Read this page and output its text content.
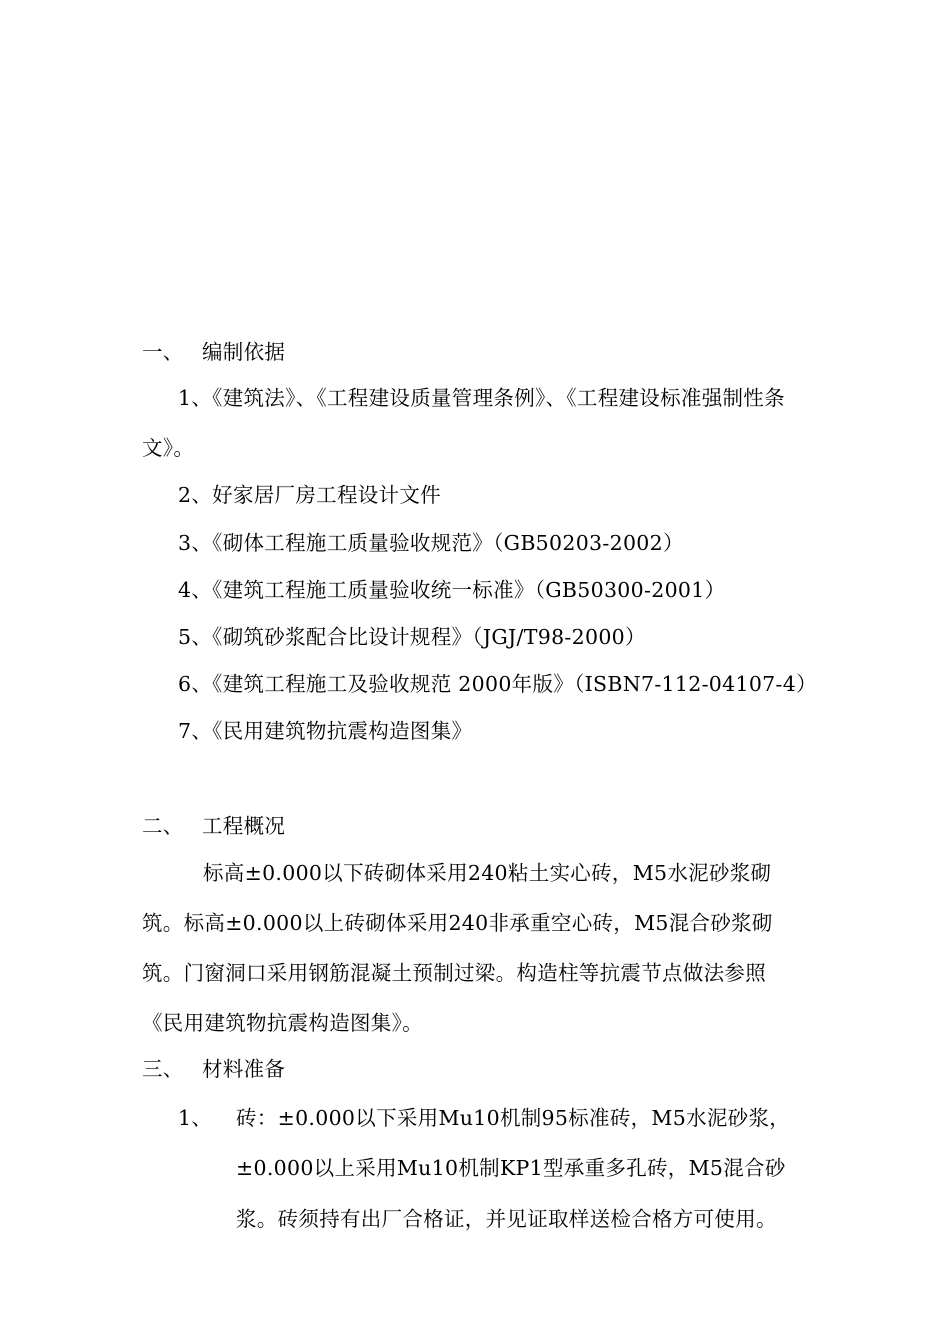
一、 编制依据

1、《建筑法》、《工程建设质量管理条例》、《工程建设标准强制性条

文》。

2、好家居厂房工程设计文件

3、《砌体工程施工质量验收规范》（GB50203-2002）

4、《建筑工程施工质量验收统一标准》（GB50300-2001）

5、《砌筑砂浆配合比设计规程》（JGJ/T98-2000）

6、《建筑工程施工及验收规范 2000年版》（ISBN7-112-04107-4）

7、《民用建筑物抗震构造图集》

二、 工程概况

标高±0.000以下砖砌体采用240粘土实心砖，M5水泥砂浆砌

筑。标高±0.000以上砖砌体采用240非承重空心砖，M5混合砂浆砌

筑。门窗洞口采用钢筋混凝土预制过梁。构造柱等抗震节点做法参照

《民用建筑物抗震构造图集》。

三、 材料准备

1、 砖：±0.000以下采用Mu10机制95标准砖，M5水泥砂浆，

±0.000以上采用Mu10机制KP1型承重多孔砖，M5混合砂

浆。砖须持有出厂合格证，并见证取样送检合格方可使用。
